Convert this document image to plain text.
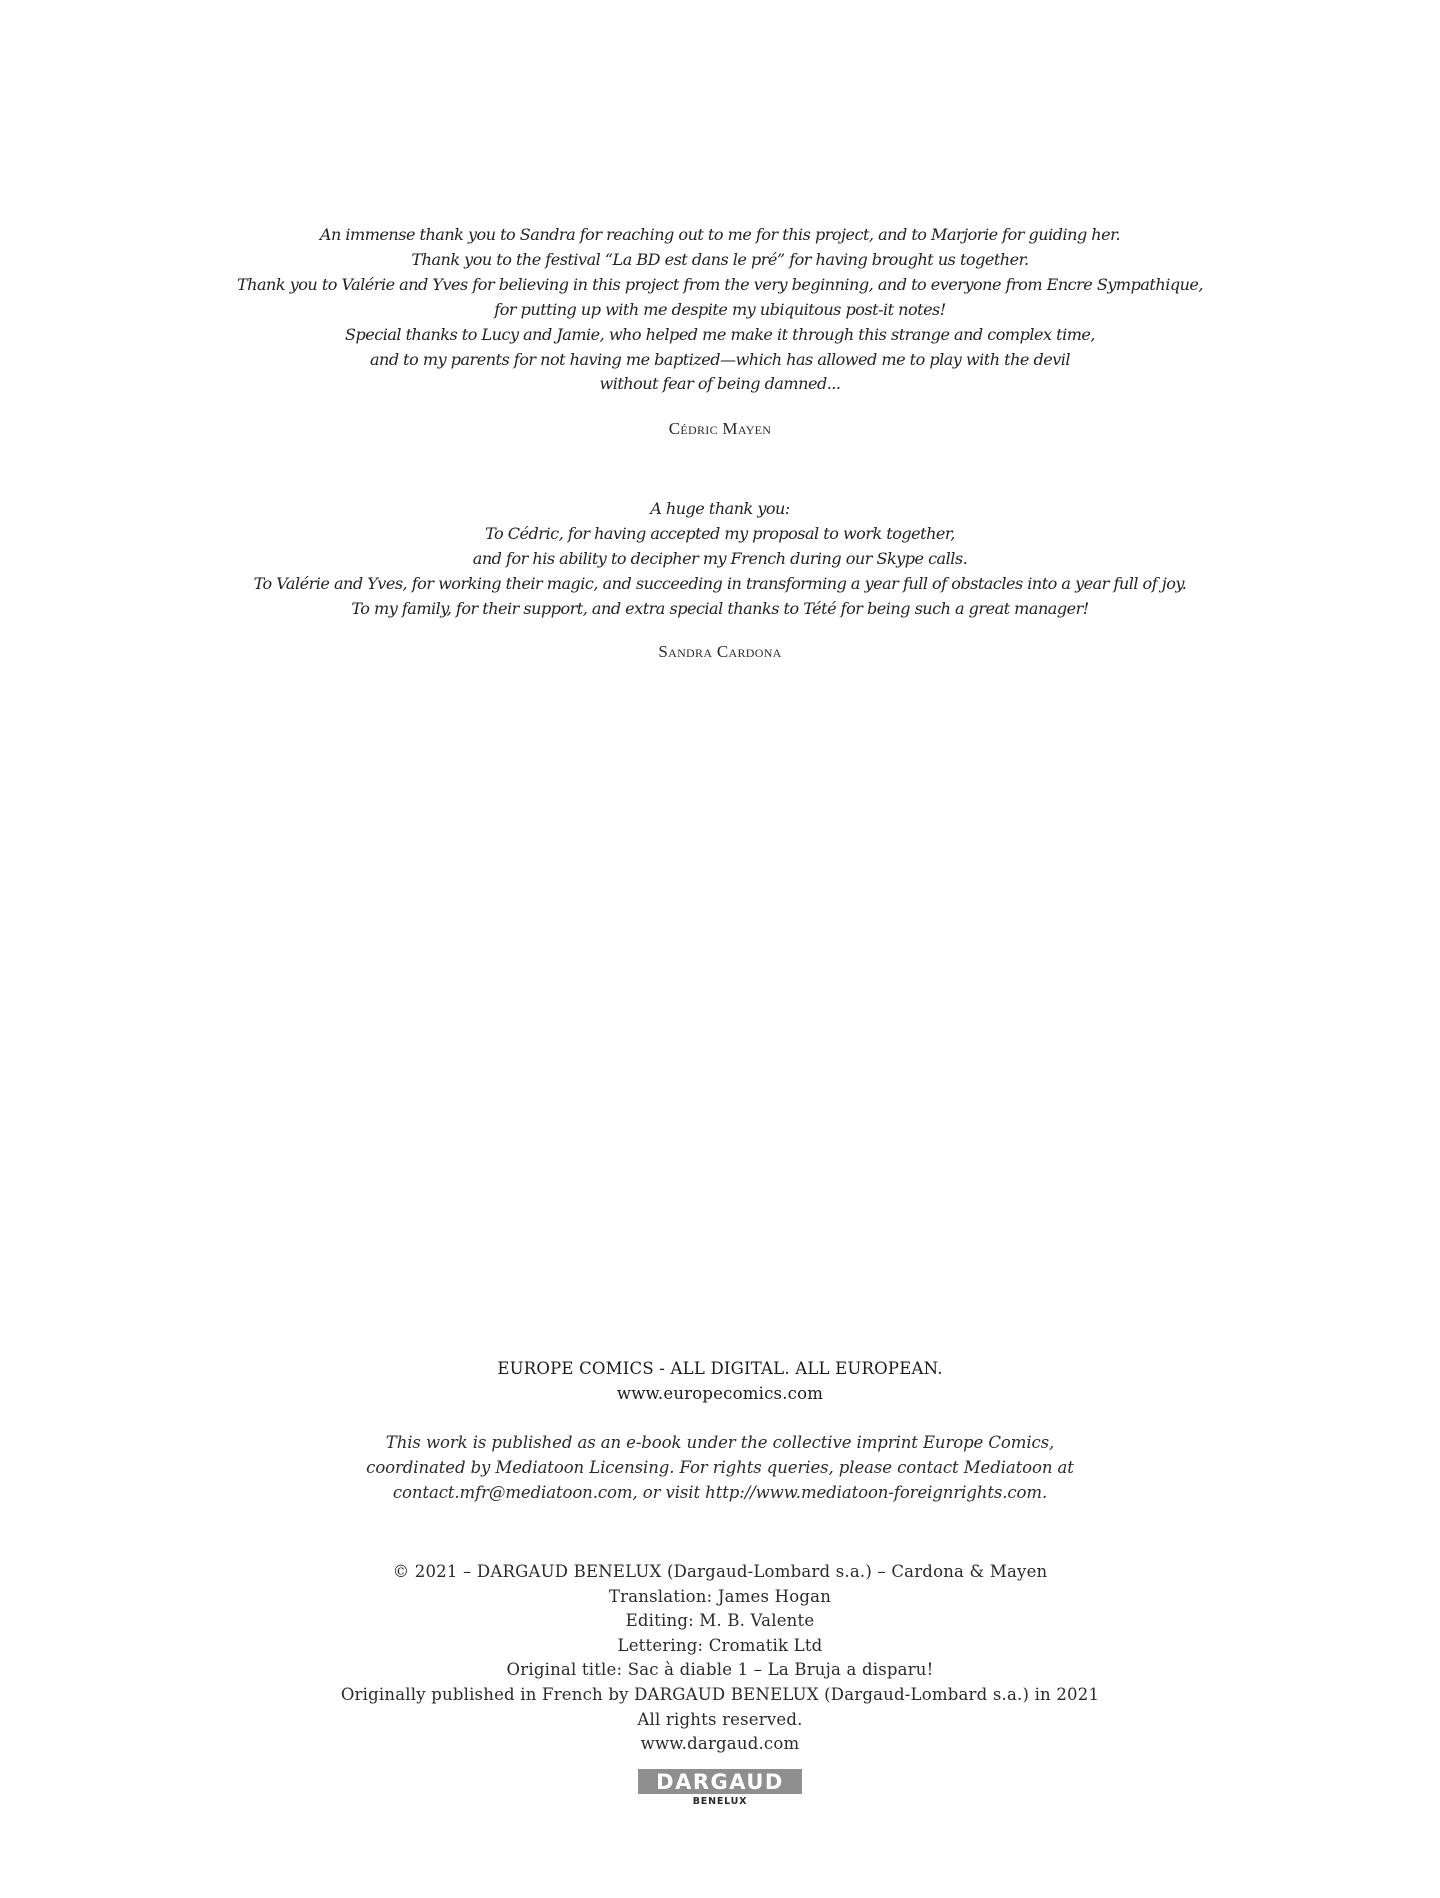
An immense thank you to Sandra for reaching out to me for this project, and to Marjorie for guiding her.
Thank you to the festival “La BD est dans le pré” for having brought us together.
Thank you to Valérie and Yves for believing in this project from the very beginning, and to everyone from Encre Sympathique,
for putting up with me despite my ubiquitous post-it notes!
Special thanks to Lucy and Jamie, who helped me make it through this strange and complex time,
and to my parents for not having me baptized—which has allowed me to play with the devil
without fear of being damned...
Cédric Mayen
A huge thank you:
To Cédric, for having accepted my proposal to work together,
and for his ability to decipher my French during our Skype calls.
To Valérie and Yves, for working their magic, and succeeding in transforming a year full of obstacles into a year full of joy.
To my family, for their support, and extra special thanks to Tété for being such a great manager!
Sandra Cardona
EUROPE COMICS - ALL DIGITAL. ALL EUROPEAN.
www.europecomics.com
This work is published as an e-book under the collective imprint Europe Comics,
coordinated by Mediatoon Licensing. For rights queries, please contact Mediatoon at
contact.mfr@mediatoon.com, or visit http://www.mediatoon-foreignrights.com.
© 2021 – DARGAUD BENELUX (Dargaud-Lombard s.a.) – Cardona & Mayen
Translation: James Hogan
Editing: M. B. Valente
Lettering: Cromatik Ltd
Original title: Sac à diable 1 – La Bruja a disparu!
Originally published in French by DARGAUD BENELUX (Dargaud-Lombard s.a.) in 2021
All rights reserved.
www.dargaud.com
DARGAUD
BENELUX
